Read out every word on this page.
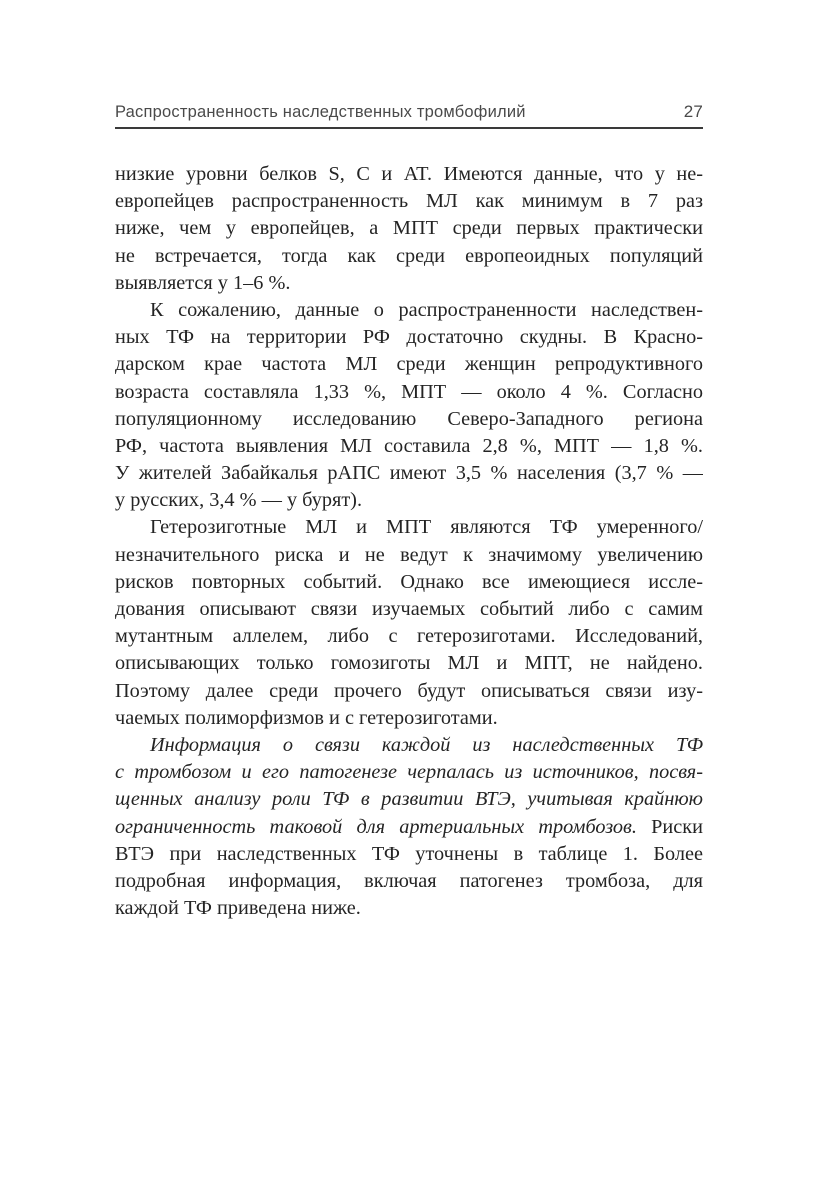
Распространенность наследственных тромбофилий	27
низкие уровни белков S, C и AT. Имеются данные, что у не-
европейцев распространенность МЛ как минимум в 7 раз
ниже, чем у европейцев, а МПТ среди первых практически
не встречается, тогда как среди европеоидных популяций
выявляется у 1–6 %.
К сожалению, данные о распространенности наследствен-
ных ТФ на территории РФ достаточно скудны. В Красно-
дарском крае частота МЛ среди женщин репродуктивного
возраста составляла 1,33 %, МПТ — около 4 %. Согласно
популяционному исследованию Северо-Западного региона
РФ, частота выявления МЛ составила 2,8 %, МПТ — 1,8 %.
У жителей Забайкалья рАПС имеют 3,5 % населения (3,7 % —
у русских, 3,4 % — у бурят).
Гетерозиготные МЛ и МПТ являются ТФ умеренного/
незначительного риска и не ведут к значимому увеличению
рисков повторных событий. Однако все имеющиеся иссле-
дования описывают связи изучаемых событий либо с самим
мутантным аллелем, либо с гетерозиготами. Исследований,
описывающих только гомозиготы МЛ и МПТ, не найдено.
Поэтому далее среди прочего будут описываться связи изу-
чаемых полиморфизмов и с гетерозиготами.
Информация о связи каждой из наследственных ТФ
с тромбозом и его патогенезе черпалась из источников, посвя-
щенных анализу роли ТФ в развитии ВТЭ, учитывая крайнюю
ограниченность таковой для артериальных тромбозов. Риски
ВТЭ при наследственных ТФ уточнены в таблице 1. Более
подробная информация, включая патогенез тромбоза, для
каждой ТФ приведена ниже.
